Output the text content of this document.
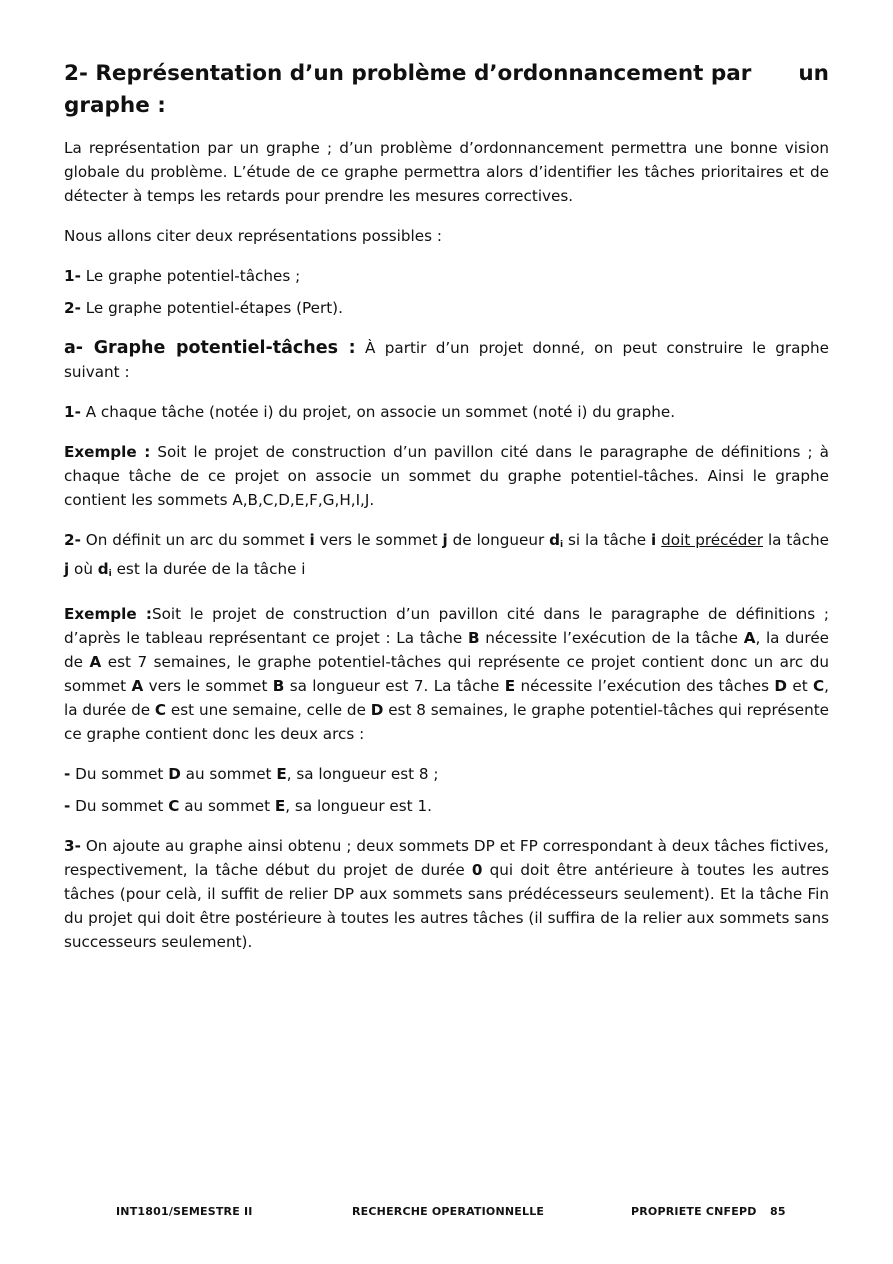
2- Représentation d’un problème d’ordonnancement par un
graphe :

La représentation par un graphe ; d’un problème d’ordonnancement permettra une bonne vision globale du problème. L’étude de ce graphe permettra alors d’identifier les tâches prioritaires et de détecter à temps les retards pour prendre les mesures correctives.

Nous allons citer deux représentations possibles :

1- Le graphe potentiel-tâches ;

2- Le graphe potentiel-étapes (Pert).

a- Graphe potentiel-tâches : À partir d’un projet donné, on peut construire le graphe suivant :

1- A chaque tâche (notée i) du projet, on associe un sommet (noté i) du graphe.

Exemple : Soit le projet de construction d’un pavillon cité dans le paragraphe de définitions ; à chaque tâche de ce projet on associe un sommet du graphe potentiel-tâches. Ainsi le graphe contient les sommets A,B,C,D,E,F,G,H,I,J.

2- On définit un arc du sommet i vers le sommet j de longueur $d_i$ si la tâche i doit précéder la tâche j où $d_i$ est la durée de la tâche i

Exemple :Soit le projet de construction d’un pavillon cité dans le paragraphe de définitions ; d’après le tableau représentant ce projet : La tâche B nécessite l’exécution de la tâche A, la durée de A est 7 semaines, le graphe potentiel-tâches qui représente ce projet contient donc un arc du sommet A vers le sommet B sa longueur est 7. La tâche E nécessite l’exécution des tâches D et C, la durée de C est une semaine, celle de D est 8 semaines, le graphe potentiel-tâches qui représente ce graphe contient donc les deux arcs :

- Du sommet D au sommet E, sa longueur est 8 ;

- Du sommet C au sommet E, sa longueur est 1.

3- On ajoute au graphe ainsi obtenu ; deux sommets DP et FP correspondant à deux tâches fictives, respectivement, la tâche début du projet de durée 0 qui doit être antérieure à toutes les autres tâches (pour celà, il suffit de relier DP aux sommets sans prédécesseurs seulement). Et la tâche Fin du projet qui doit être postérieure à toutes les autres tâches (il suffira de la relier aux sommets sans successeurs seulement).

INT1801/SEMESTRE II	RECHERCHE OPERATIONNELLE	PROPRIETE CNFEPD 85
